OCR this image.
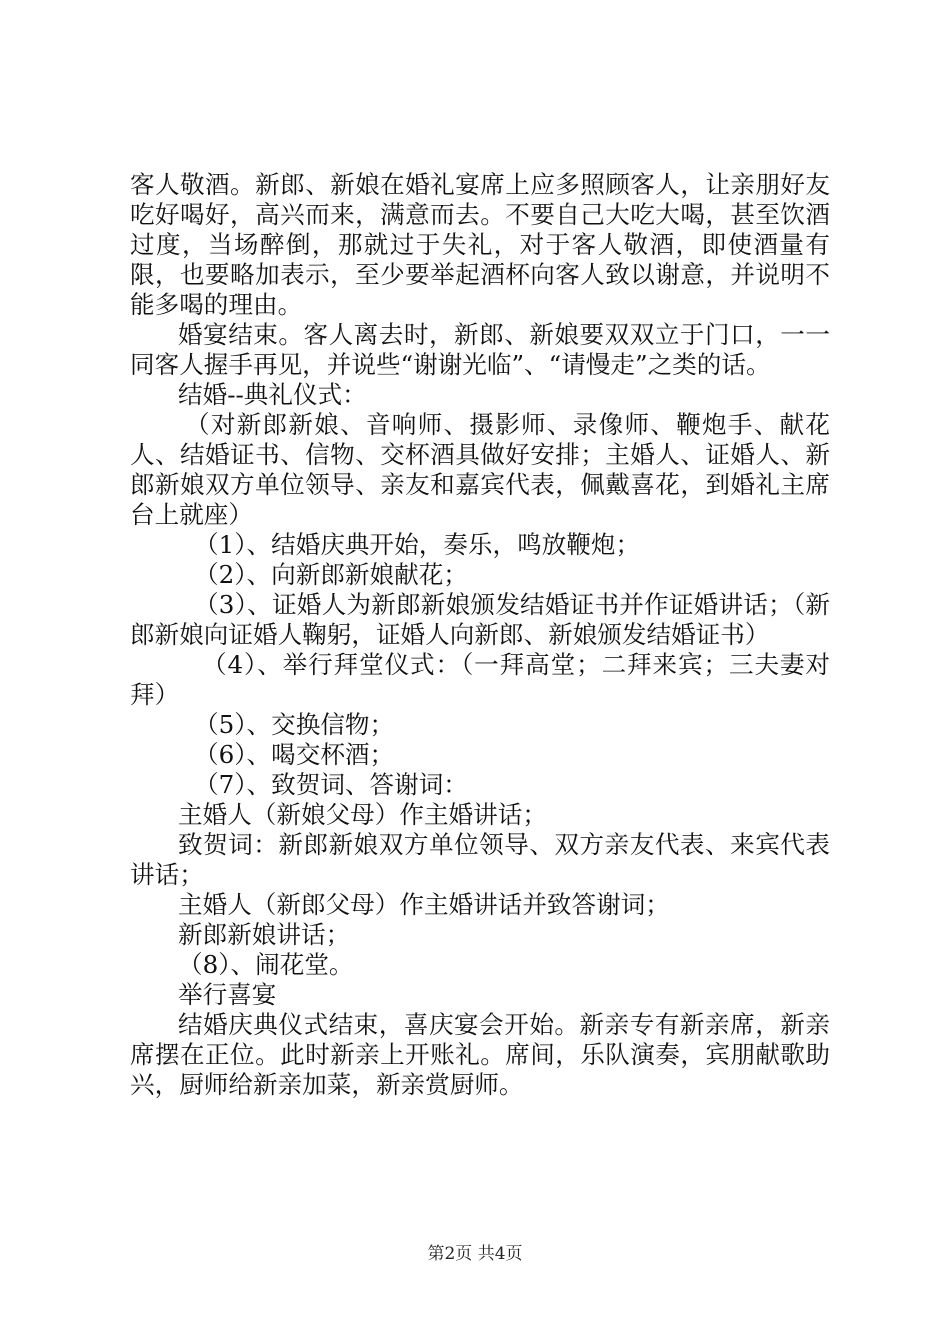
客人敬酒。新郎、新娘在婚礼宴席上应多照顾客人，让亲朋好友吃好喝好，高兴而来，满意而去。不要自己大吃大喝，甚至饮酒过度，当场醉倒，那就过于失礼，对于客人敬酒，即使酒量有限，也要略加表示，至少要举起酒杯向客人致以谢意，并说明不能多喝的理由。

婚宴结束。客人离去时，新郎、新娘要双双立于门口，一一同客人握手再见，并说些“谢谢光临”、“请慢走”之类的话。

结婚--典礼仪式：

（对新郎新娘、音响师、摄影师、录像师、鞭炮手、献花人、结婚证书、信物、交杯酒具做好安排；主婚人、证婚人、新郎新娘双方单位领导、亲友和嘉宾代表，佩戴喜花，到婚礼主席台上就座）

（1）、结婚庆典开始，奏乐，鸣放鞭炮；

（2）、向新郎新娘献花；

（3）、证婚人为新郎新娘颁发结婚证书并作证婚讲话；（新郎新娘向证婚人鞠躬，证婚人向新郎、新娘颁发结婚证书）

（4）、举行拜堂仪式：（一拜高堂；二拜来宾；三夫妻对拜）

（5）、交换信物；

（6）、喝交杯酒；

（7）、致贺词、答谢词：

主婚人（新娘父母）作主婚讲话；

致贺词：新郎新娘双方单位领导、双方亲友代表、来宾代表讲话；

主婚人（新郎父母）作主婚讲话并致答谢词；

新郎新娘讲话；

（8）、闹花堂。

举行喜宴

结婚庆典仪式结束，喜庆宴会开始。新亲专有新亲席，新亲席摆在正位。此时新亲上开账礼。席间，乐队演奏，宾朋献歌助兴，厨师给新亲加菜，新亲赏厨师。

第2页 共4页
